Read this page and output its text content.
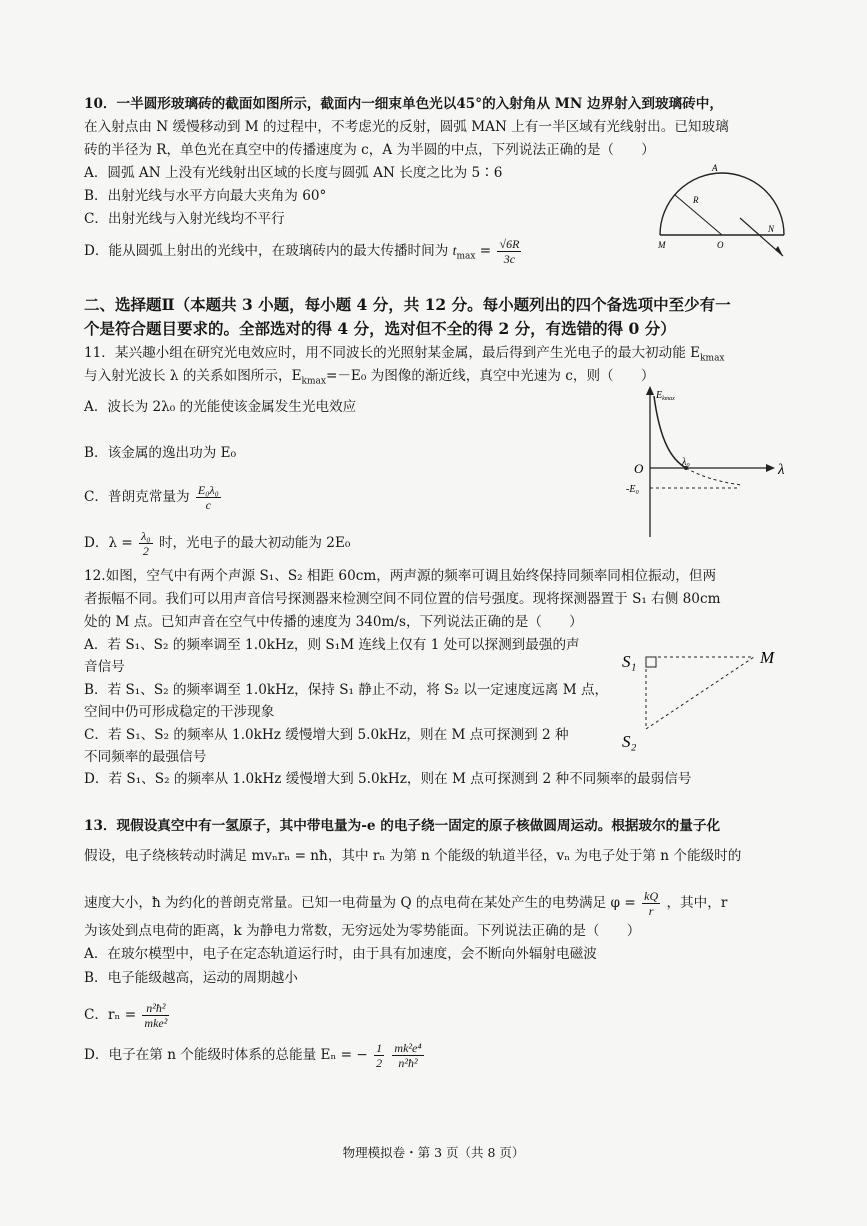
10．一半圆形玻璃砖的截面如图所示，截面内一细束单色光以45°的入射角从 MN 边界射入到玻璃砖中，
在入射点由 N 缓慢移动到 M 的过程中，不考虑光的反射，圆弧 MAN 上有一半区域有光线射出。已知玻璃
砖的半径为 R，单色光在真空中的传播速度为 c，A 为半圆的中点，下列说法正确的是（　　）
A．圆弧 AN 上没有光线射出区域的长度与圆弧 AN 长度之比为 5∶6
B．出射光线与水平方向最大夹角为 60°
C．出射光线与入射光线均不平行
D．能从圆弧上射出的光线中，在玻璃砖内的最大传播时间为 $t_{max} = \frac{√6R}{3c}$
A
R
M	O
N
二、选择题Ⅱ（本题共 3 小题，每小题 4 分，共 12 分。每小题列出的四个备选项中至少有一
个是符合题目要求的。全部选对的得 4 分，选对但不全的得 2 分，有选错的得 0 分）
11．某兴趣小组在研究光电效应时，用不同波长的光照射某金属，最后得到产生光电子的最大初动能 $E_{kmax}$
与入射光波长 λ 的关系如图所示，$E_{kmax}=-E_0$ 为图像的渐近线，真空中光速为 c，则（　　）
A．波长为 2λ₀ 的光能使该金属发生光电效应
B．该金属的逸出功为 E₀
C．普朗克常量为 $\frac{\text{E₀λ₀}}{c}$
D．$\lambda = \frac{\text{λ₀}}{2}$ 时，光电子的最大初动能为 2E₀
$E_{kmax}$
O	λ₀	λ
-E₀
12.如图，空气中有两个声源 S₁、S₂ 相距 60cm，两声源的频率可调且始终保持同频率同相位振动，但两
者振幅不同。我们可以用声音信号探测器来检测空间不同位置的信号强度。现将探测器置于 S₁ 右侧 80cm
处的 M 点。已知声音在空气中传播的速度为 340m/s，下列说法正确的是（　　）
A．若 S₁、S₂ 的频率调至 1.0kHz，则 S₁M 连线上仅有 1 处可以探测到最强的声
音信号
B．若 S₁、S₂ 的频率调至 1.0kHz，保持 S₁ 静止不动，将 S₂ 以一定速度远离 M 点，
空间中仍可形成稳定的干涉现象
C．若 S₁、S₂ 的频率从 1.0kHz 缓慢增大到 5.0kHz，则在 M 点可探测到 2 种
不同频率的最强信号
D．若 S₁、S₂ 的频率从 1.0kHz 缓慢增大到 5.0kHz，则在 M 点可探测到 2 种不同频率的最弱信号
S₁
S₂
M
13．现假设真空中有一氢原子，其中带电量为-e 的电子绕一固定的原子核做圆周运动。根据玻尔的量子化
假设，电子绕核转动时满足 mvₙrₙ = nħ，其中 rₙ 为第 n 个能级的轨道半径，vₙ 为电子处于第 n 个能级时的
速度大小，ħ 为约化的普朗克常量。已知一电荷量为 Q 的点电荷在某处产生的电势满足 $\varphi = \frac{kQ}{r}$ ，其中，r
为该处到点电荷的距离，k 为静电力常数，无穷远处为零势能面。下列说法正确的是（　　）
A．在玻尔模型中，电子在定态轨道运行时，由于具有加速度，会不断向外辐射电磁波
B．电子能级越高，运动的周期越小
C．$r_n = \frac{\text{n²ħ²}}{\text{mke²}}$
D．电子在第 n 个能级时体系的总能量 Eₙ = − $\frac{1}{2}$
$\frac{\text{mk²e⁴}}{\text{n²ħ²}}$
物理模拟卷・第 3 页（共 8 页）
